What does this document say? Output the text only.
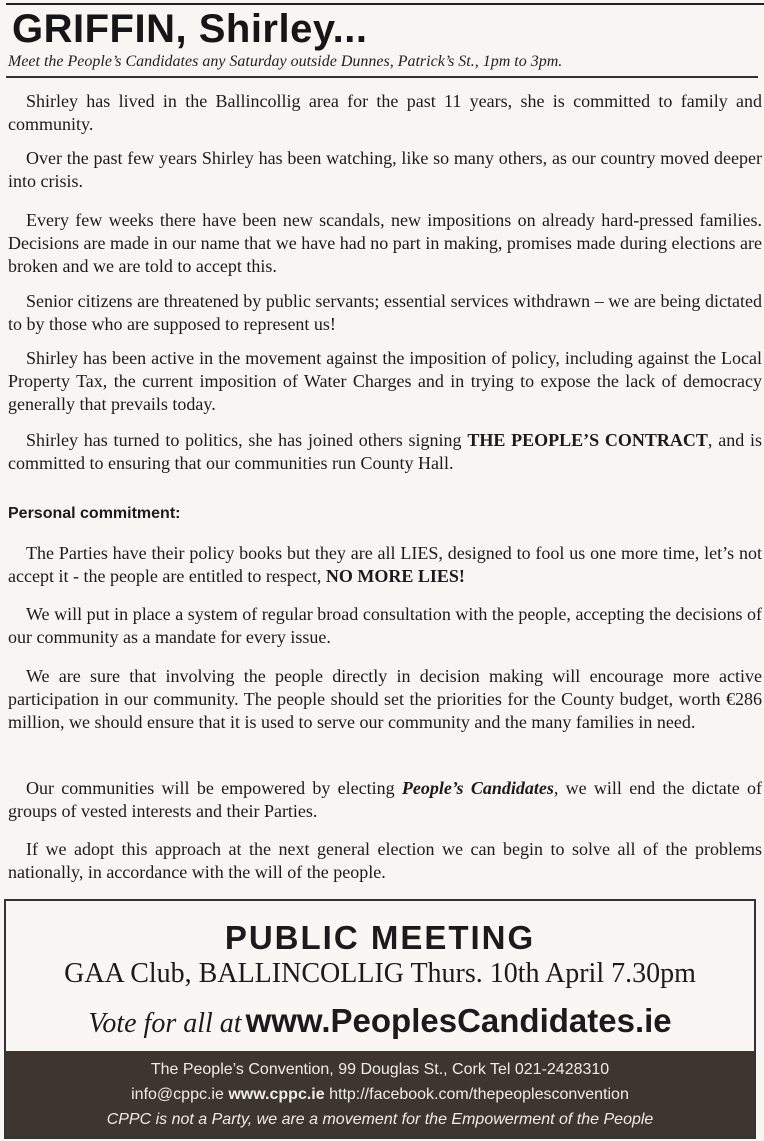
GRIFFIN, Shirley...
Meet the People’s Candidates any Saturday outside Dunnes, Patrick’s St., 1pm to 3pm.

Shirley has lived in the Ballincollig area for the past 11 years, she is committed to family and community.

Over the past few years Shirley has been watching, like so many others, as our country moved deeper into crisis.

Every few weeks there have been new scandals, new impositions on already hard-pressed families. Decisions are made in our name that we have had no part in making, promises made during elections are broken and we are told to accept this.

Senior citizens are threatened by public servants; essential services withdrawn – we are being dictated to by those who are supposed to represent us!

Shirley has been active in the movement against the imposition of policy, including against the Local Property Tax, the current imposition of Water Charges and in trying to expose the lack of democracy generally that prevails today.

Shirley has turned to politics, she has joined others signing THE PEOPLE’S CONTRACT, and is committed to ensuring that our communities run County Hall.

Personal commitment:

The Parties have their policy books but they are all LIES, designed to fool us one more time, let’s not accept it - the people are entitled to respect, NO MORE LIES!

We will put in place a system of regular broad consultation with the people, accepting the decisions of our community as a mandate for every issue.

We are sure that involving the people directly in decision making will encourage more active participation in our community. The people should set the priorities for the County budget, worth €286 million, we should ensure that it is used to serve our community and the many families in need.

Our communities will be empowered by electing People’s Candidates, we will end the dictate of groups of vested interests and their Parties.

If we adopt this approach at the next general election we can begin to solve all of the problems nationally, in accordance with the will of the people.

PUBLIC MEETING
GAA Club, BALLINCOLLIG Thurs. 10th April 7.30pm
Vote for all at www.PeoplesCandidates.ie
The People’s Convention, 99 Douglas St., Cork Tel 021-2428310
info@cppc.ie www.cppc.ie http://facebook.com/thepeoplesconvention
CPPC is not a Party, we are a movement for the Empowerment of the People
